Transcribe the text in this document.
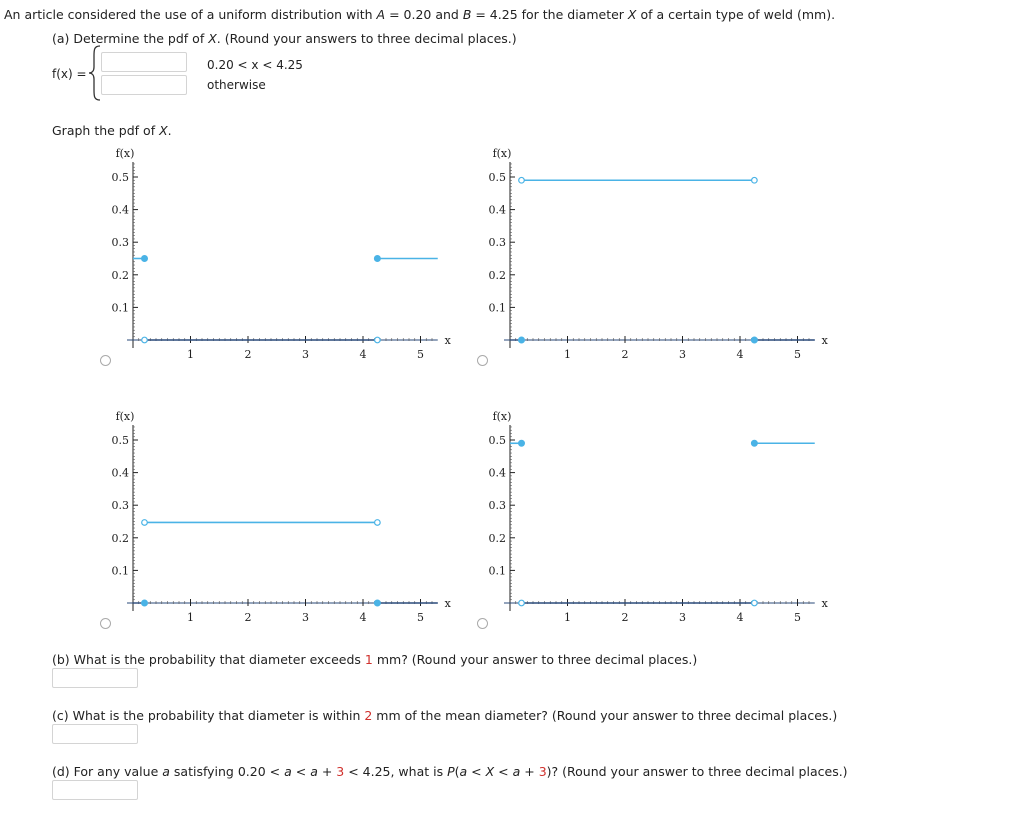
An article considered the use of a uniform distribution with A = 0.20 and B = 4.25 for the diameter X of a certain type of weld (mm).
(a) Determine the pdf of X. (Round your answers to three decimal places.)
f(x) =
0.20 < x < 4.25
otherwise
Graph the pdf of X.
f(x)
0.1
0.2
0.3
0.4
0.5
1	2	3	4	5
x
f(x)
0.1
0.2
0.3
0.4
0.5
1	2	3	4	5
x
f(x)
0.1
0.2
0.3
0.4
0.5
1	2	3	4	5
x
f(x)
0.1
0.2
0.3
0.4
0.5
1	2	3	4	5
x
(b) What is the probability that diameter exceeds 1 mm? (Round your answer to three decimal places.)
(c) What is the probability that diameter is within 2 mm of the mean diameter? (Round your answer to three decimal places.)
(d) For any value a satisfying 0.20 < a < a + 3 < 4.25, what is P(a < X < a + 3)? (Round your answer to three decimal places.)
